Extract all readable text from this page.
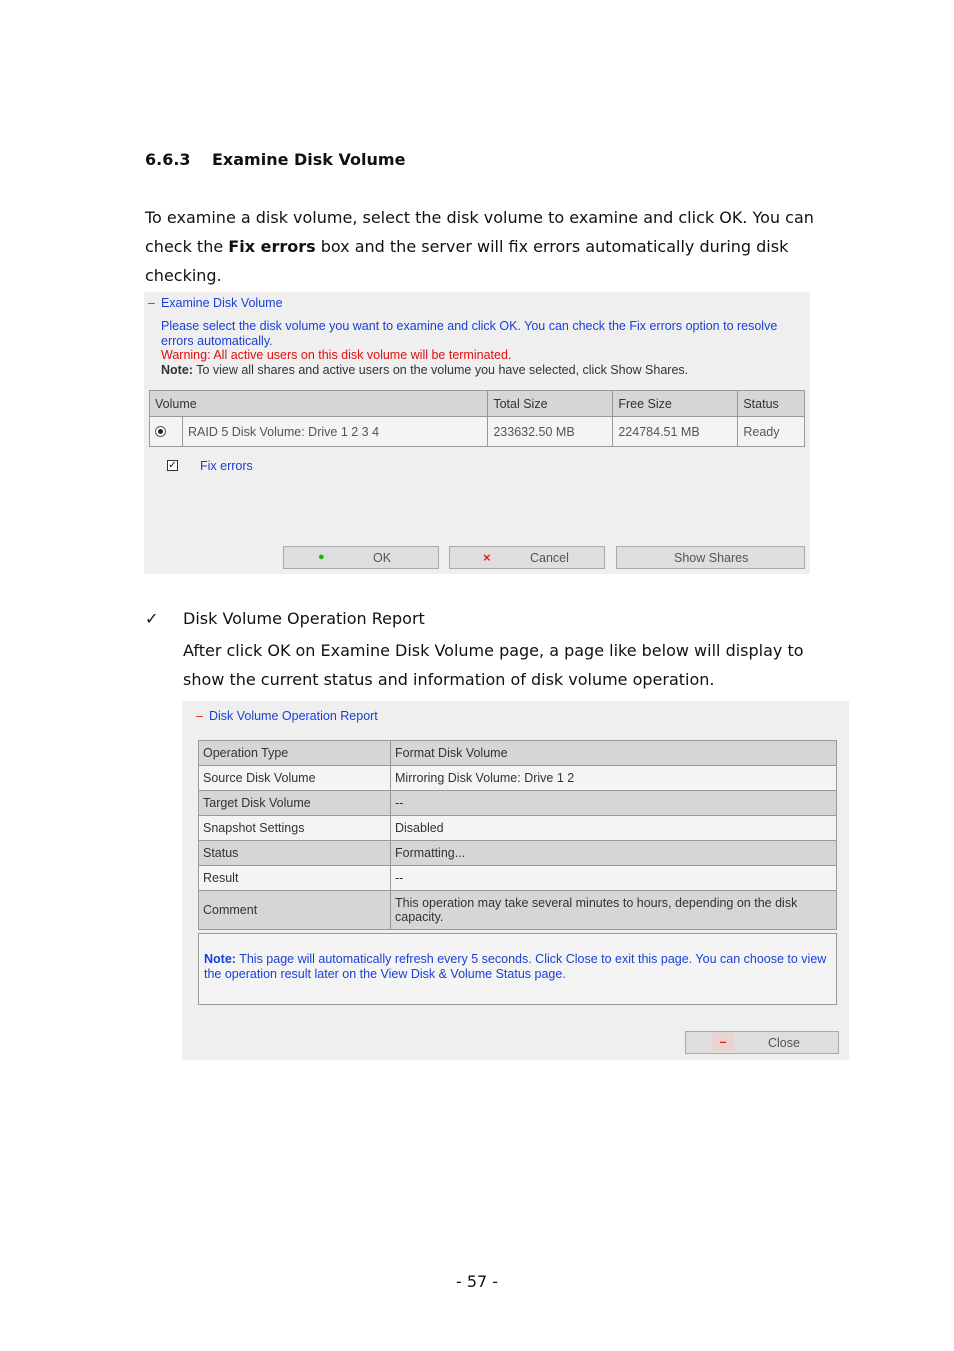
6.6.3 Examine Disk Volume
To examine a disk volume, select the disk volume to examine and click OK. You can check the Fix errors box and the server will fix errors automatically during disk checking.
– Examine Disk Volume
Please select the disk volume you want to examine and click OK. You can check the Fix errors option to resolve errors automatically.
Warning: All active users on this disk volume will be terminated.
Note: To view all shares and active users on the volume you have selected, click Show Shares.
Volume		Total Size	Free Size	Status

	RAID 5 Disk Volume: Drive 1 2 3 4	233632.50 MB	224784.51 MB	Ready
✓ Fix errors
●	OK	×	Cancel	Show Shares
✓ Disk Volume Operation Report
After click OK on Examine Disk Volume page, a page like below will display to show the current status and information of disk volume operation.
– Disk Volume Operation Report
Operation Type	Format Disk Volume
Source Disk Volume	Mirroring Disk Volume: Drive 1 2
Target Disk Volume	--
Snapshot Settings	Disabled
Status	Formatting...
Result	--
Comment	This operation may take several minutes to hours, depending on the disk capacity.
Note: This page will automatically refresh every 5 seconds. Click Close to exit this page. You can choose to view the operation result later on the View Disk & Volume Status page.
–	Close
- 57 -
